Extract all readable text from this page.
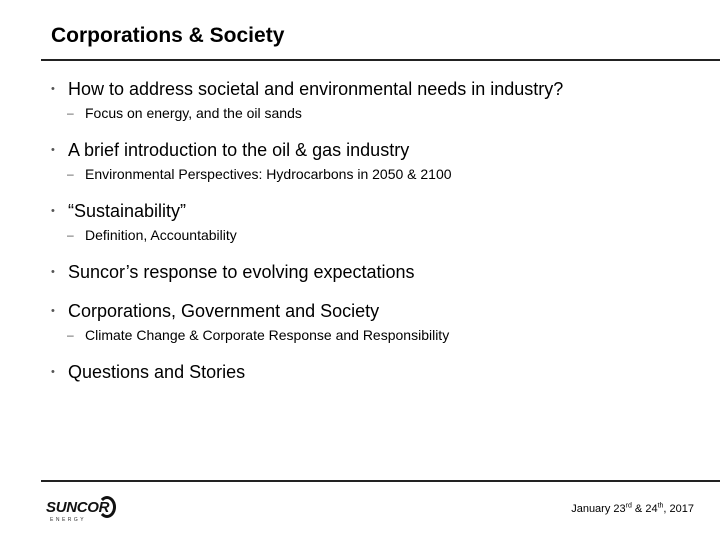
Corporations & Society
• How to address societal and environmental needs in industry?
– Focus on energy, and the oil sands
• A brief introduction to the oil & gas industry
– Environmental Perspectives: Hydrocarbons in 2050 & 2100
• “Sustainability”
– Definition, Accountability
• Suncor’s response to evolving expectations
• Corporations, Government and Society
– Climate Change & Corporate Response and Responsibility
• Questions and Stories
SUNCOR
ENERGY
January 23rd & 24th, 2017
